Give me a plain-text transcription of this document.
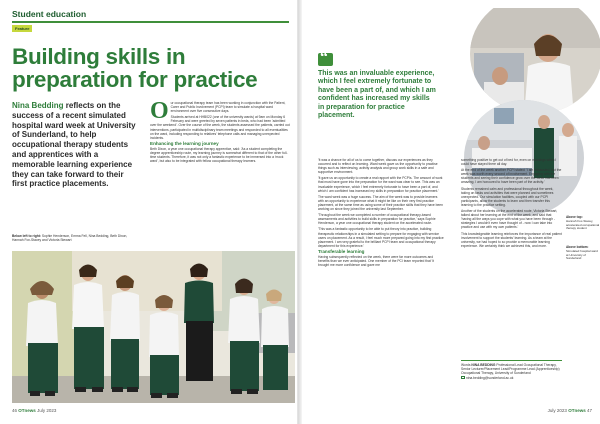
Student education
Feature
Building skills in preparation for practice
Nina Bedding reflects on the success of a recent simulated hospital ward week at University of Sunderland, to help occupational therapy students and apprentices with a memorable learning experience they can take forward to their first practice placements.
Below left to right: Sophie Henderson, Emma Fell, Nina Bedding, Beth Dixon, Hannah Fox-Stacey and Victoria Stewart

Our occupational therapy team has been working in conjunction with the Patient, Carer and Public Involvement (PCPI) team to simulate a hospital ward environment over five consecutive days.

Students arrived at HHB022 (one of the university wards) at 9am on Monday 6 February and were greeted by seven patients in beds, who had been 'admitted over the weekend'. Over the course of the week, the students assessed the patients, carried out interventions, participated in multidisciplinary team meetings and responded to all eventualities on the ward, including responding to relatives' telephone calls and managing unexpected incidents.

Enhancing the learning journey

Beth Dixon, a year one occupational therapy apprentice, said: 'As a student completing the degree apprenticeship route, my learning journey is somewhat different to that of the other full-time students. Therefore, it was not only a fantastic experience to be immersed into a 'mock ward', but also to be integrated with fellow occupational therapy learners.

46 OTnews July 2023
“
This was an invaluable experience, which I feel extremely fortunate to have been a part of, and which I am confident has increased my skills in preparation for practice placement.
Above top:
Hannah Fox-Stacey, accelerated occupational therapy student
Above bottom:
Simulated hospital ward at University of Sunderland

'It was a chance for all of us to come together, discuss our experiences as they occurred and to reflect on learning. Ward week gave us the opportunity to practise things such as interviewing, activity analysis and group work skills in a safe and supportive environment.

'It gave us an opportunity to create a real rapport with the PCPIs. The amount of work that must have gone into the preparation for the ward was clear to see. This was an invaluable experience, which I feel extremely fortunate to have been a part of, and which I am confident has increased my skills in preparation for practice placement.'

The ward week was a huge success. The aim of the week was to provide learners with an opportunity to experience what it might be like on their very first practice placement, at the same time as using some of their practice skills that they have been working on since they joined the university last September.

'Throughout the week we completed a number of occupational therapy-based assessments and activities to build skills in preparation for practice,' says Sophie Henderson, a year one occupational therapy student on the accelerated route.

'This was a fantastic opportunity to be able to put theory into practice, building therapeutic relationships in a simulated setting to prepare for engaging with service users on placement. As a result, I feel much more prepared going into my first practice placement. I am very grateful to the brilliant PCPI team and occupational therapy department for this experience.'

Transferable learning

Having subsequently reflected on the week, there were far more outcomes and benefits than we ever anticipated. One member of the PCI team reported that 'it brought me more confidence and gave me

something positive to get out of bed for, even on mornings when I could have stayed there all day.

At the end of the week another PCPI stated: 'I am exhausted, but the week was worth every second of involvement. Engaging with the students and seeing their confidence grow over the week has been amazing. I am honoured to have been part of the activity.'

Students remained calm and professional throughout the week, taking on tasks and activities that were planned and sometimes unexpected. Our simulation facilities, coupled with our PCPI participants, allow the students to learn and then transfer this learning to the practice setting.

Another of the students on the accelerated route, Victoria Stewart, talked about her learning at the end of the week, and said that 'having all the ways you cope with what you have been through - strategies I wouldn't even have thought of - now I can take into practice and use with my own patients.'

This knowledgeable learning reinforces the importance of real patient involvement to support the students' learning. As a team at the university, we had hoped to so provide a memorable learning experience. We certainly think we achieved this, and more.

Words NINA BEDDING Professional Lead Occupational Therapy, Senior Lecturer/Placement Lead/Programme Lead (Apprenticeship) Occupational Therapy, University of Sunderland
nina.bedding@sunderland.ac.uk
July 2023 OTnews 47
